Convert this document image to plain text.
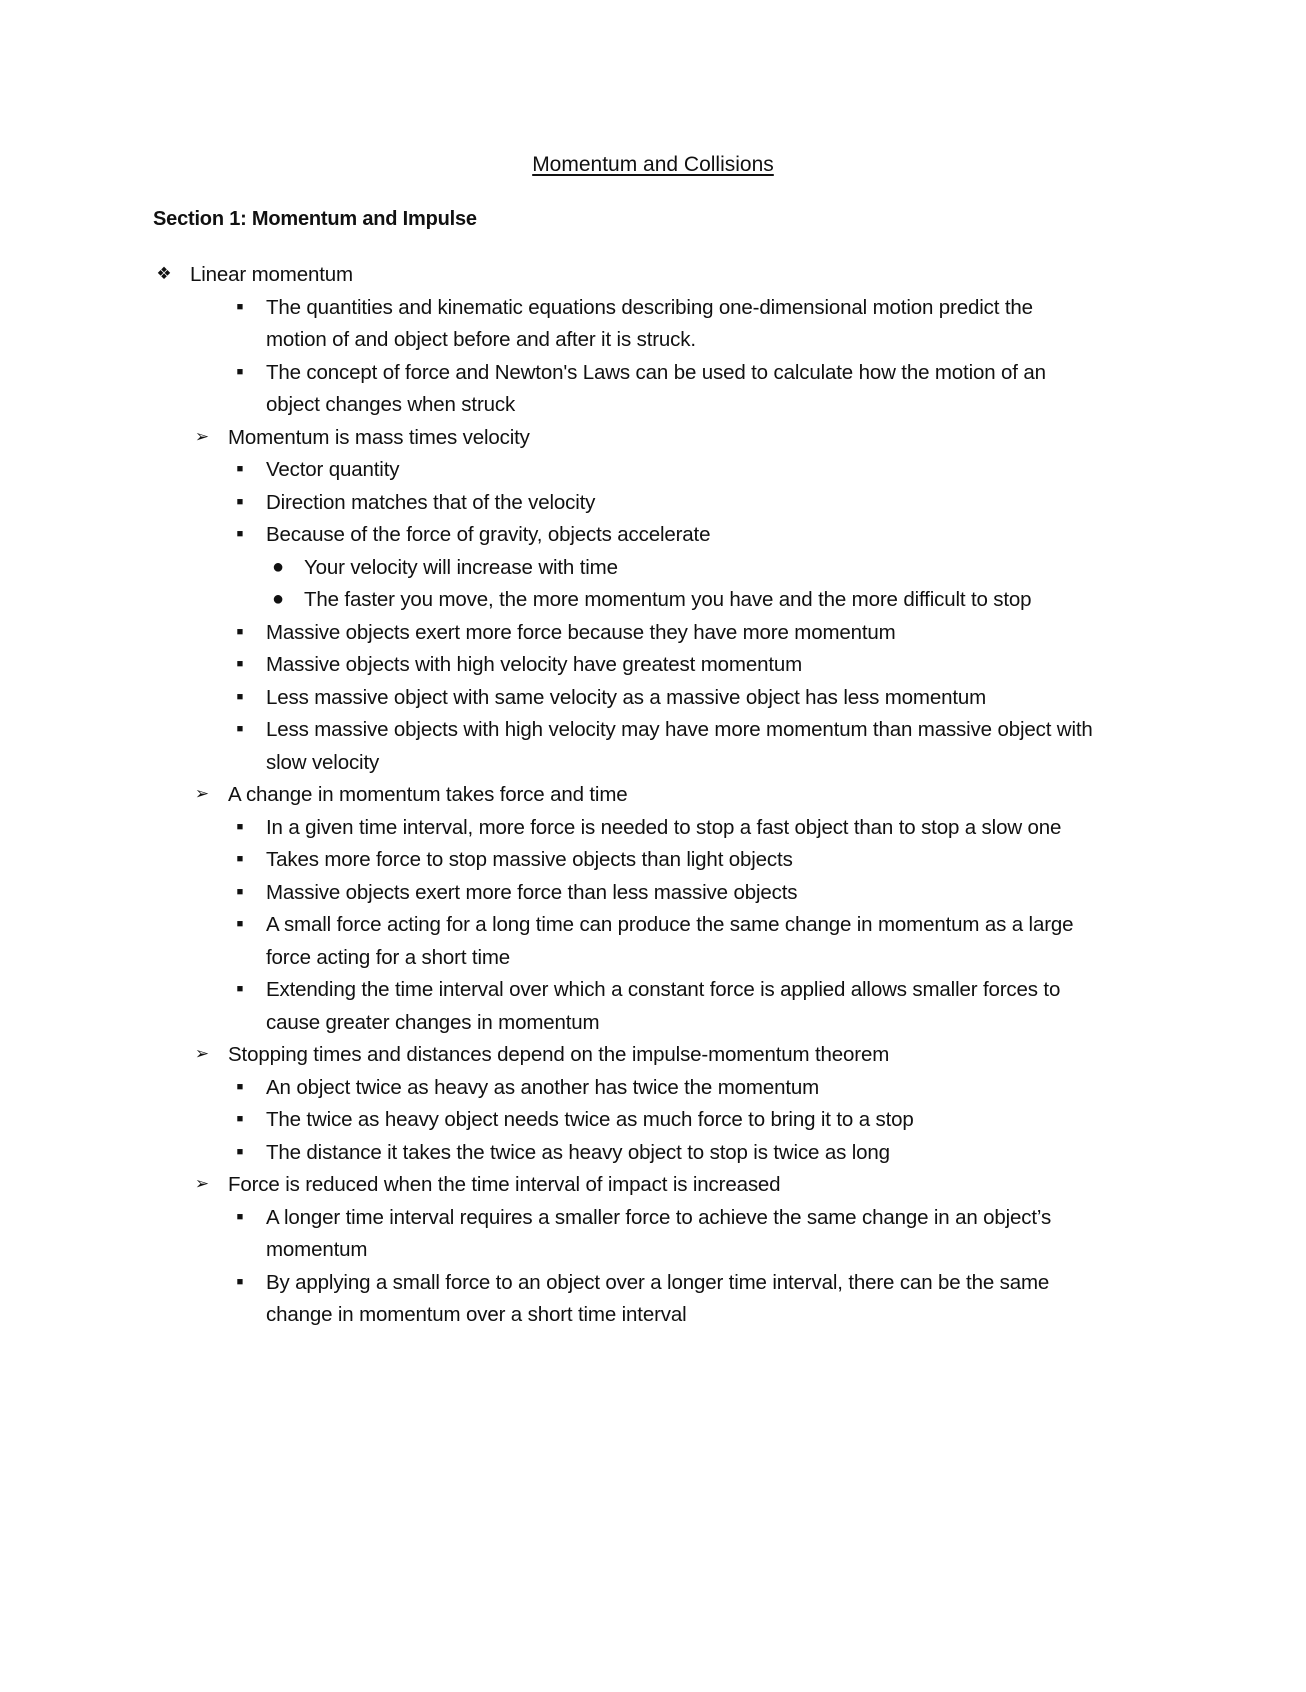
Momentum and Collisions
Section 1: Momentum and Impulse
❖ Linear momentum
■	The quantities and kinematic equations describing one-dimensional motion predict the
motion of and object before and after it is struck.
■	The concept of force and Newton's Laws can be used to calculate how the motion of an
object changes when struck
➢ Momentum is mass times velocity
■	Vector quantity
■	Direction matches that of the velocity
■	Because of the force of gravity, objects accelerate
● Your velocity will increase with time
● The faster you move, the more momentum you have and the more difficult to stop
■	Massive objects exert more force because they have more momentum
■	Massive objects with high velocity have greatest momentum
■	Less massive object with same velocity as a massive object has less momentum
■	Less massive objects with high velocity may have more momentum than massive object with
slow velocity
➢ A change in momentum takes force and time
■	In a given time interval, more force is needed to stop a fast object than to stop a slow one
■	Takes more force to stop massive objects than light objects
■	Massive objects exert more force than less massive objects
■	A small force acting for a long time can produce the same change in momentum as a large
force acting for a short time
■	Extending the time interval over which a constant force is applied allows smaller forces to
cause greater changes in momentum
➢ Stopping times and distances depend on the impulse-momentum theorem
■	An object twice as heavy as another has twice the momentum
■	The twice as heavy object needs twice as much force to bring it to a stop
■	The distance it takes the twice as heavy object to stop is twice as long
➢ Force is reduced when the time interval of impact is increased
■	A longer time interval requires a smaller force to achieve the same change in an object’s
momentum
■	By applying a small force to an object over a longer time interval, there can be the same
change in momentum over a short time interval
